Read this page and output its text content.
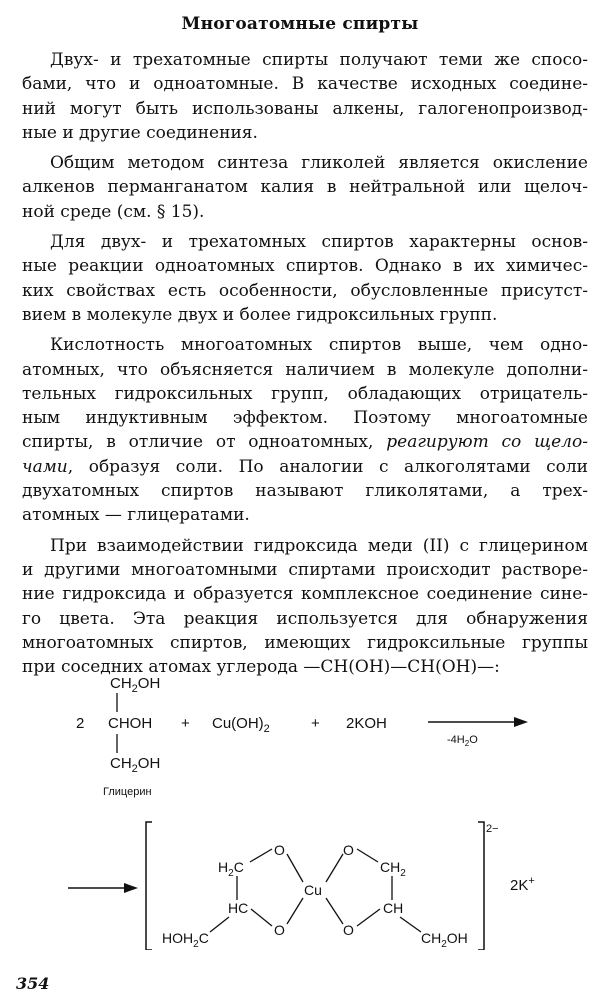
Многоатомные спирты

Двух- и трехатомные спирты получают теми же спосо-
бами, что и одноатомные. В качестве исходных соедине-
ний могут быть использованы алкены, галогенопроизвод-
ные и другие соединения.

Общим методом синтеза гликолей является окисление
алкенов перманганатом калия в нейтральной или щелоч-
ной среде (см. § 15).

Для двух- и трехатомных спиртов характерны основ-
ные реакции одноатомных спиртов. Однако в их химичес-
ких свойствах есть особенности, обусловленные присутст-
вием в молекуле двух и более гидроксильных групп.

Кислотность многоатомных спиртов выше, чем одно-
атомных, что объясняется наличием в молекуле дополни-
тельных гидроксильных групп, обладающих отрицатель-
ным индуктивным эффектом. Поэтому многоатомные
спирты, в отличие от одноатомных, реагируют со щело-
чами, образуя соли. По аналогии с алкоголятами соли
двухатомных спиртов называют гликолятами, а трех-
атомных — глицератами.

При взаимодействии гидроксида меди (II) с глицерином
и другими многоатомными спиртами происходит растворе-
ние гидроксида и образуется комплексное соединение сине-
го цвета. Эта реакция используется для обнаружения
многоатомных спиртов, имеющих гидроксильные группы
при соседних атомах углерода —CH(OH)—CH(OH)—:

2
$CH_2OH$
CHOH
$CH_2OH$
Глицерин
+ $Cu(OH)_2$	+ 2KOH
$-4H_2O$
2−
2K+
Cu
O
O
O
O
$H_2C$
HC
$CH_2$
CH
$HOH_2C$	$CH_2OH$
354
